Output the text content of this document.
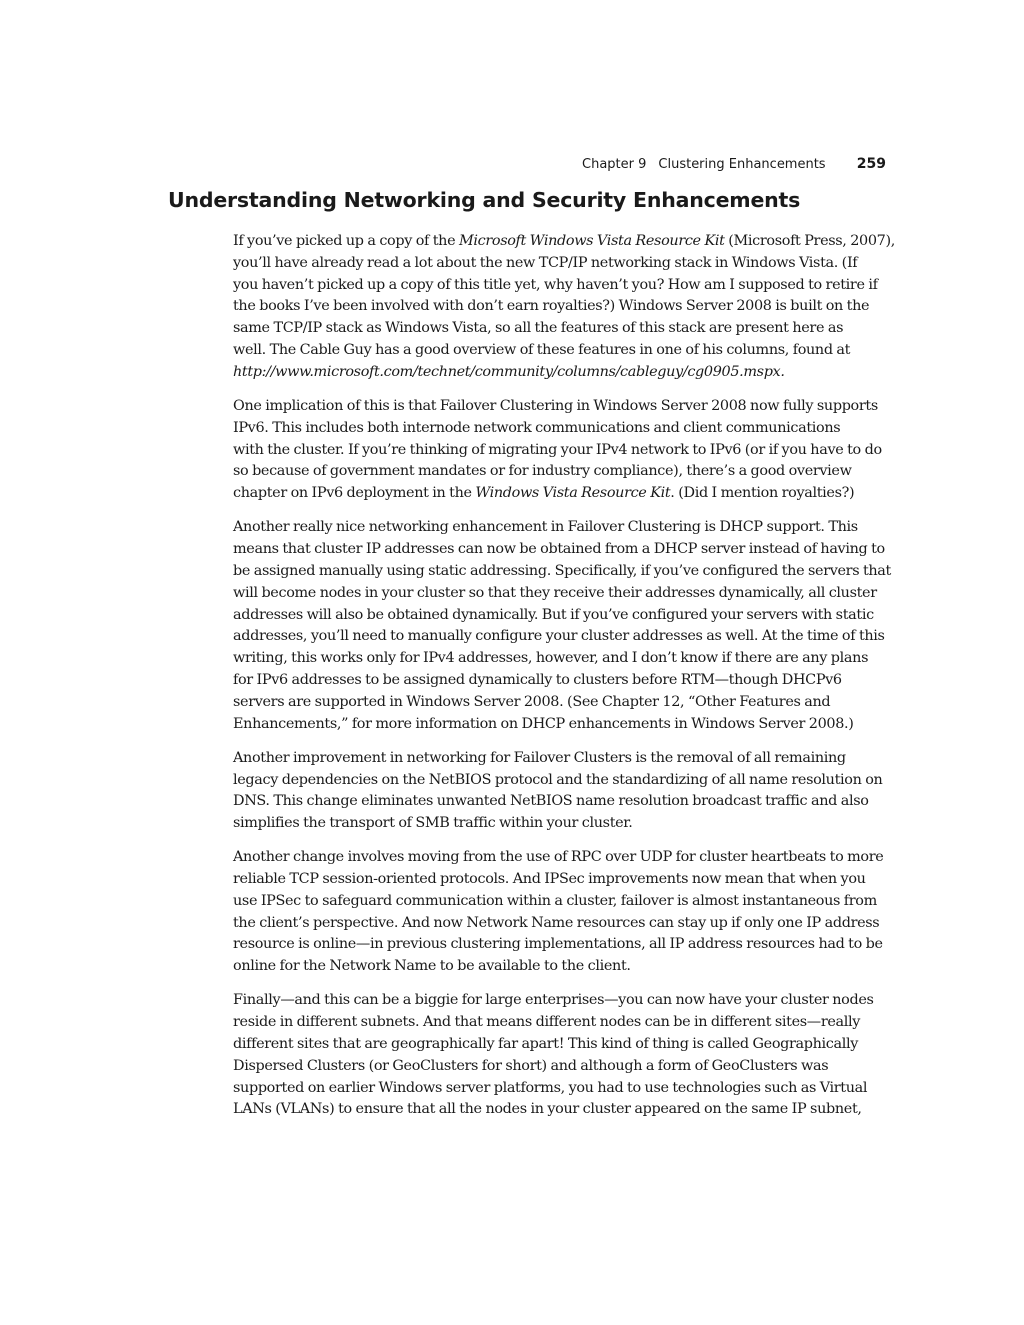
Chapter 9 Clustering Enhancements 259
Understanding Networking and Security Enhancements

If you’ve picked up a copy of the Microsoft Windows Vista Resource Kit (Microsoft Press, 2007),
you’ll have already read a lot about the new TCP/IP networking stack in Windows Vista. (If
you haven’t picked up a copy of this title yet, why haven’t you? How am I supposed to retire if
the books I’ve been involved with don’t earn royalties?) Windows Server 2008 is built on the
same TCP/IP stack as Windows Vista, so all the features of this stack are present here as
well. The Cable Guy has a good overview of these features in one of his columns, found at
http://www.microsoft.com/technet/community/columns/cableguy/cg0905.mspx.

One implication of this is that Failover Clustering in Windows Server 2008 now fully supports
IPv6. This includes both internode network communications and client communications
with the cluster. If you’re thinking of migrating your IPv4 network to IPv6 (or if you have to do
so because of government mandates or for industry compliance), there’s a good overview
chapter on IPv6 deployment in the Windows Vista Resource Kit. (Did I mention royalties?)

Another really nice networking enhancement in Failover Clustering is DHCP support. This
means that cluster IP addresses can now be obtained from a DHCP server instead of having to
be assigned manually using static addressing. Specifically, if you’ve configured the servers that
will become nodes in your cluster so that they receive their addresses dynamically, all cluster
addresses will also be obtained dynamically. But if you’ve configured your servers with static
addresses, you’ll need to manually configure your cluster addresses as well. At the time of this
writing, this works only for IPv4 addresses, however, and I don’t know if there are any plans
for IPv6 addresses to be assigned dynamically to clusters before RTM—though DHCPv6
servers are supported in Windows Server 2008. (See Chapter 12, “Other Features and
Enhancements,” for more information on DHCP enhancements in Windows Server 2008.)

Another improvement in networking for Failover Clusters is the removal of all remaining
legacy dependencies on the NetBIOS protocol and the standardizing of all name resolution on
DNS. This change eliminates unwanted NetBIOS name resolution broadcast traffic and also
simplifies the transport of SMB traffic within your cluster.

Another change involves moving from the use of RPC over UDP for cluster heartbeats to more
reliable TCP session-oriented protocols. And IPSec improvements now mean that when you
use IPSec to safeguard communication within a cluster, failover is almost instantaneous from
the client’s perspective. And now Network Name resources can stay up if only one IP address
resource is online—in previous clustering implementations, all IP address resources had to be
online for the Network Name to be available to the client.

Finally—and this can be a biggie for large enterprises—you can now have your cluster nodes
reside in different subnets. And that means different nodes can be in different sites—really
different sites that are geographically far apart! This kind of thing is called Geographically
Dispersed Clusters (or GeoClusters for short) and although a form of GeoClusters was
supported on earlier Windows server platforms, you had to use technologies such as Virtual
LANs (VLANs) to ensure that all the nodes in your cluster appeared on the same IP subnet,
